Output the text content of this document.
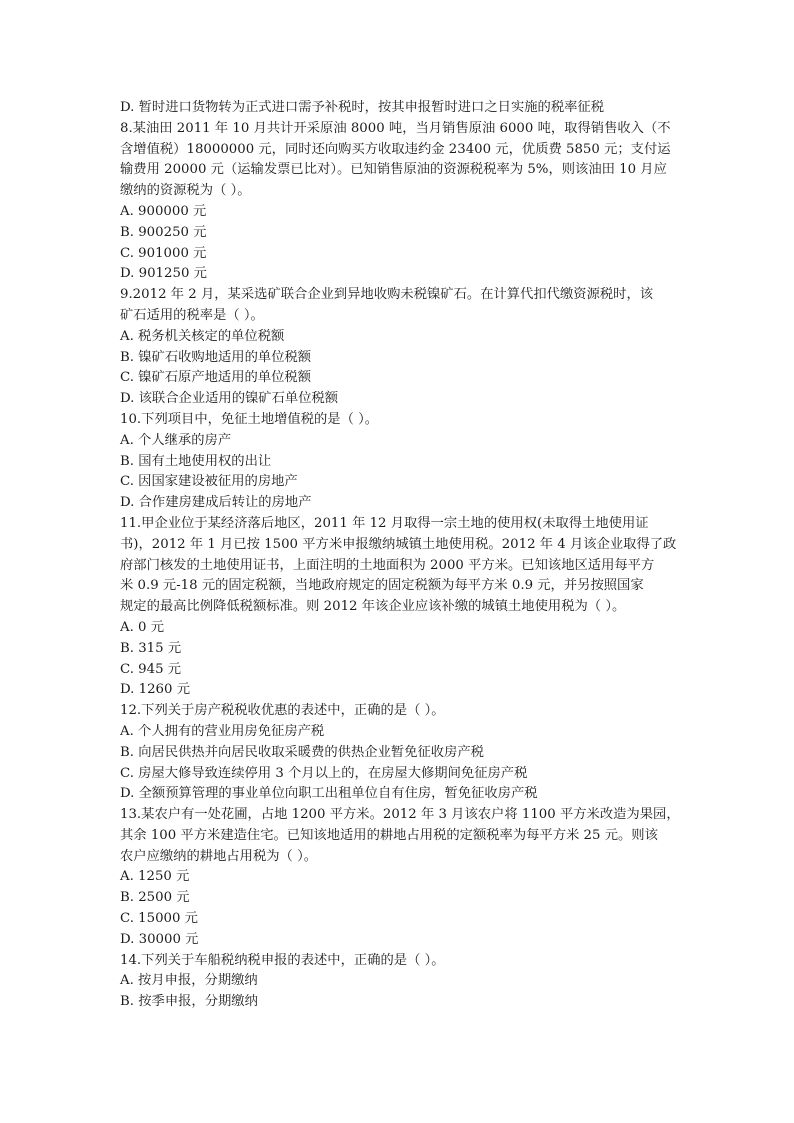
D. 暂时进口货物转为正式进口需予补税时，按其申报暂时进口之日实施的税率征税
8.某油田 2011 年 10 月共计开采原油 8000 吨，当月销售原油 6000 吨，取得销售收入（不
含增值税）18000000 元，同时还向购买方收取违约金 23400 元，优质费 5850 元；支付运
输费用 20000 元（运输发票已比对）。已知销售原油的资源税税率为 5%，则该油田 10 月应
缴纳的资源税为（ ）。
A. 900000 元
B. 900250 元
C. 901000 元
D. 901250 元
9.2012 年 2 月，某采选矿联合企业到异地收购未税镍矿石。在计算代扣代缴资源税时，该
矿石适用的税率是（ ）。
A. 税务机关核定的单位税额
B. 镍矿石收购地适用的单位税额
C. 镍矿石原产地适用的单位税额
D. 该联合企业适用的镍矿石单位税额
10.下列项目中，免征土地增值税的是（ ）。
A. 个人继承的房产
B. 国有土地使用权的出让
C. 因国家建设被征用的房地产
D. 合作建房建成后转让的房地产
11.甲企业位于某经济落后地区，2011 年 12 月取得一宗土地的使用权(未取得土地使用证
书)，2012 年 1 月已按 1500 平方米申报缴纳城镇土地使用税。2012 年 4 月该企业取得了政
府部门核发的土地使用证书，上面注明的土地面积为 2000 平方米。已知该地区适用每平方
米 0.9 元-18 元的固定税额，当地政府规定的固定税额为每平方米 0.9 元，并另按照国家
规定的最高比例降低税额标准。则 2012 年该企业应该补缴的城镇土地使用税为（ ）。
A. 0 元
B. 315 元
C. 945 元
D. 1260 元
12.下列关于房产税税收优惠的表述中，正确的是（ ）。
A. 个人拥有的营业用房免征房产税
B. 向居民供热并向居民收取采暖费的供热企业暂免征收房产税
C. 房屋大修导致连续停用 3 个月以上的，在房屋大修期间免征房产税
D. 全额预算管理的事业单位向职工出租单位自有住房，暂免征收房产税
13.某农户有一处花圃，占地 1200 平方米。2012 年 3 月该农户将 1100 平方米改造为果园，
其余 100 平方米建造住宅。已知该地适用的耕地占用税的定额税率为每平方米 25 元。则该
农户应缴纳的耕地占用税为（ ）。
A. 1250 元
B. 2500 元
C. 15000 元
D. 30000 元
14.下列关于车船税纳税申报的表述中，正确的是（ ）。
A. 按月申报，分期缴纳
B. 按季申报，分期缴纳
